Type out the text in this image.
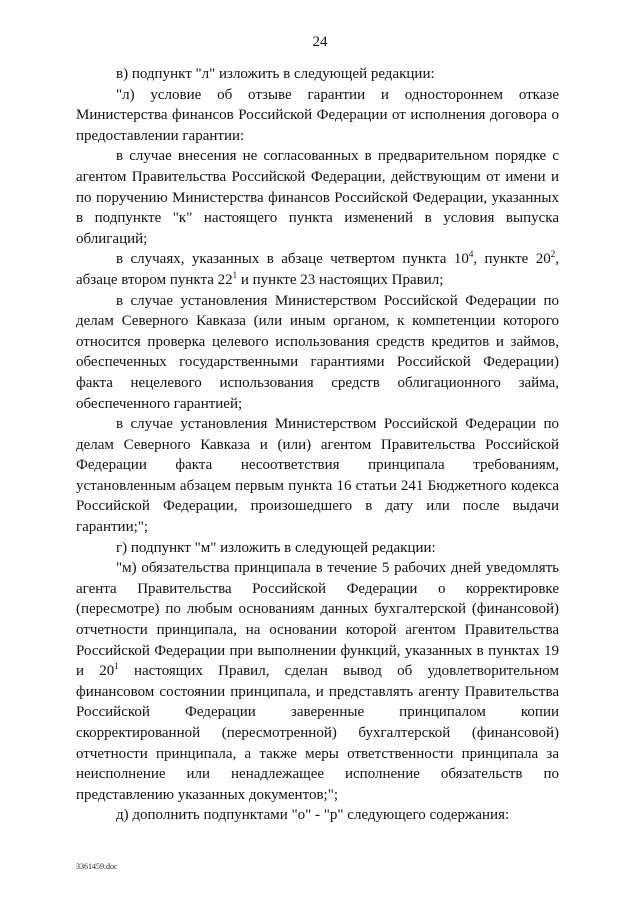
24

в) подпункт "л" изложить в следующей редакции:

"л) условие об отзыве гарантии и одностороннем отказе Министерства финансов Российской Федерации от исполнения договора о предоставлении гарантии:

в случае внесения не согласованных в предварительном порядке с агентом Правительства Российской Федерации, действующим от имени и по поручению Министерства финансов Российской Федерации, указанных в подпункте "к" настоящего пункта изменений в условия выпуска облигаций;

в случаях, указанных в абзаце четвертом пункта $10^4$, пункте $20^2$, абзаце втором пункта $22^1$ и пункте 23 настоящих Правил;

в случае установления Министерством Российской Федерации по делам Северного Кавказа (или иным органом, к компетенции которого относится проверка целевого использования средств кредитов и займов, обеспеченных государственными гарантиями Российской Федерации) факта нецелевого использования средств облигационного займа, обеспеченного гарантией;

в случае установления Министерством Российской Федерации по делам Северного Кавказа и (или) агентом Правительства Российской Федерации факта несоответствия принципала требованиям, установленным абзацем первым пункта 16 статьи 241 Бюджетного кодекса Российской Федерации, произошедшего в дату или после выдачи гарантии;";

г) подпункт "м" изложить в следующей редакции:

"м) обязательства принципала в течение 5 рабочих дней уведомлять агента Правительства Российской Федерации о корректировке (пересмотре) по любым основаниям данных бухгалтерской (финансовой) отчетности принципала, на основании которой агентом Правительства Российской Федерации при выполнении функций, указанных в пунктах 19 и $20^1$ настоящих Правил, сделан вывод об удовлетворительном финансовом состоянии принципала, и представлять агенту Правительства Российской Федерации заверенные принципалом копии скорректированной (пересмотренной) бухгалтерской (финансовой) отчетности принципала, а также меры ответственности принципала за неисполнение или ненадлежащее исполнение обязательств по представлению указанных документов;";

д) дополнить подпунктами "о" - "р" следующего содержания:

3361459.doc
